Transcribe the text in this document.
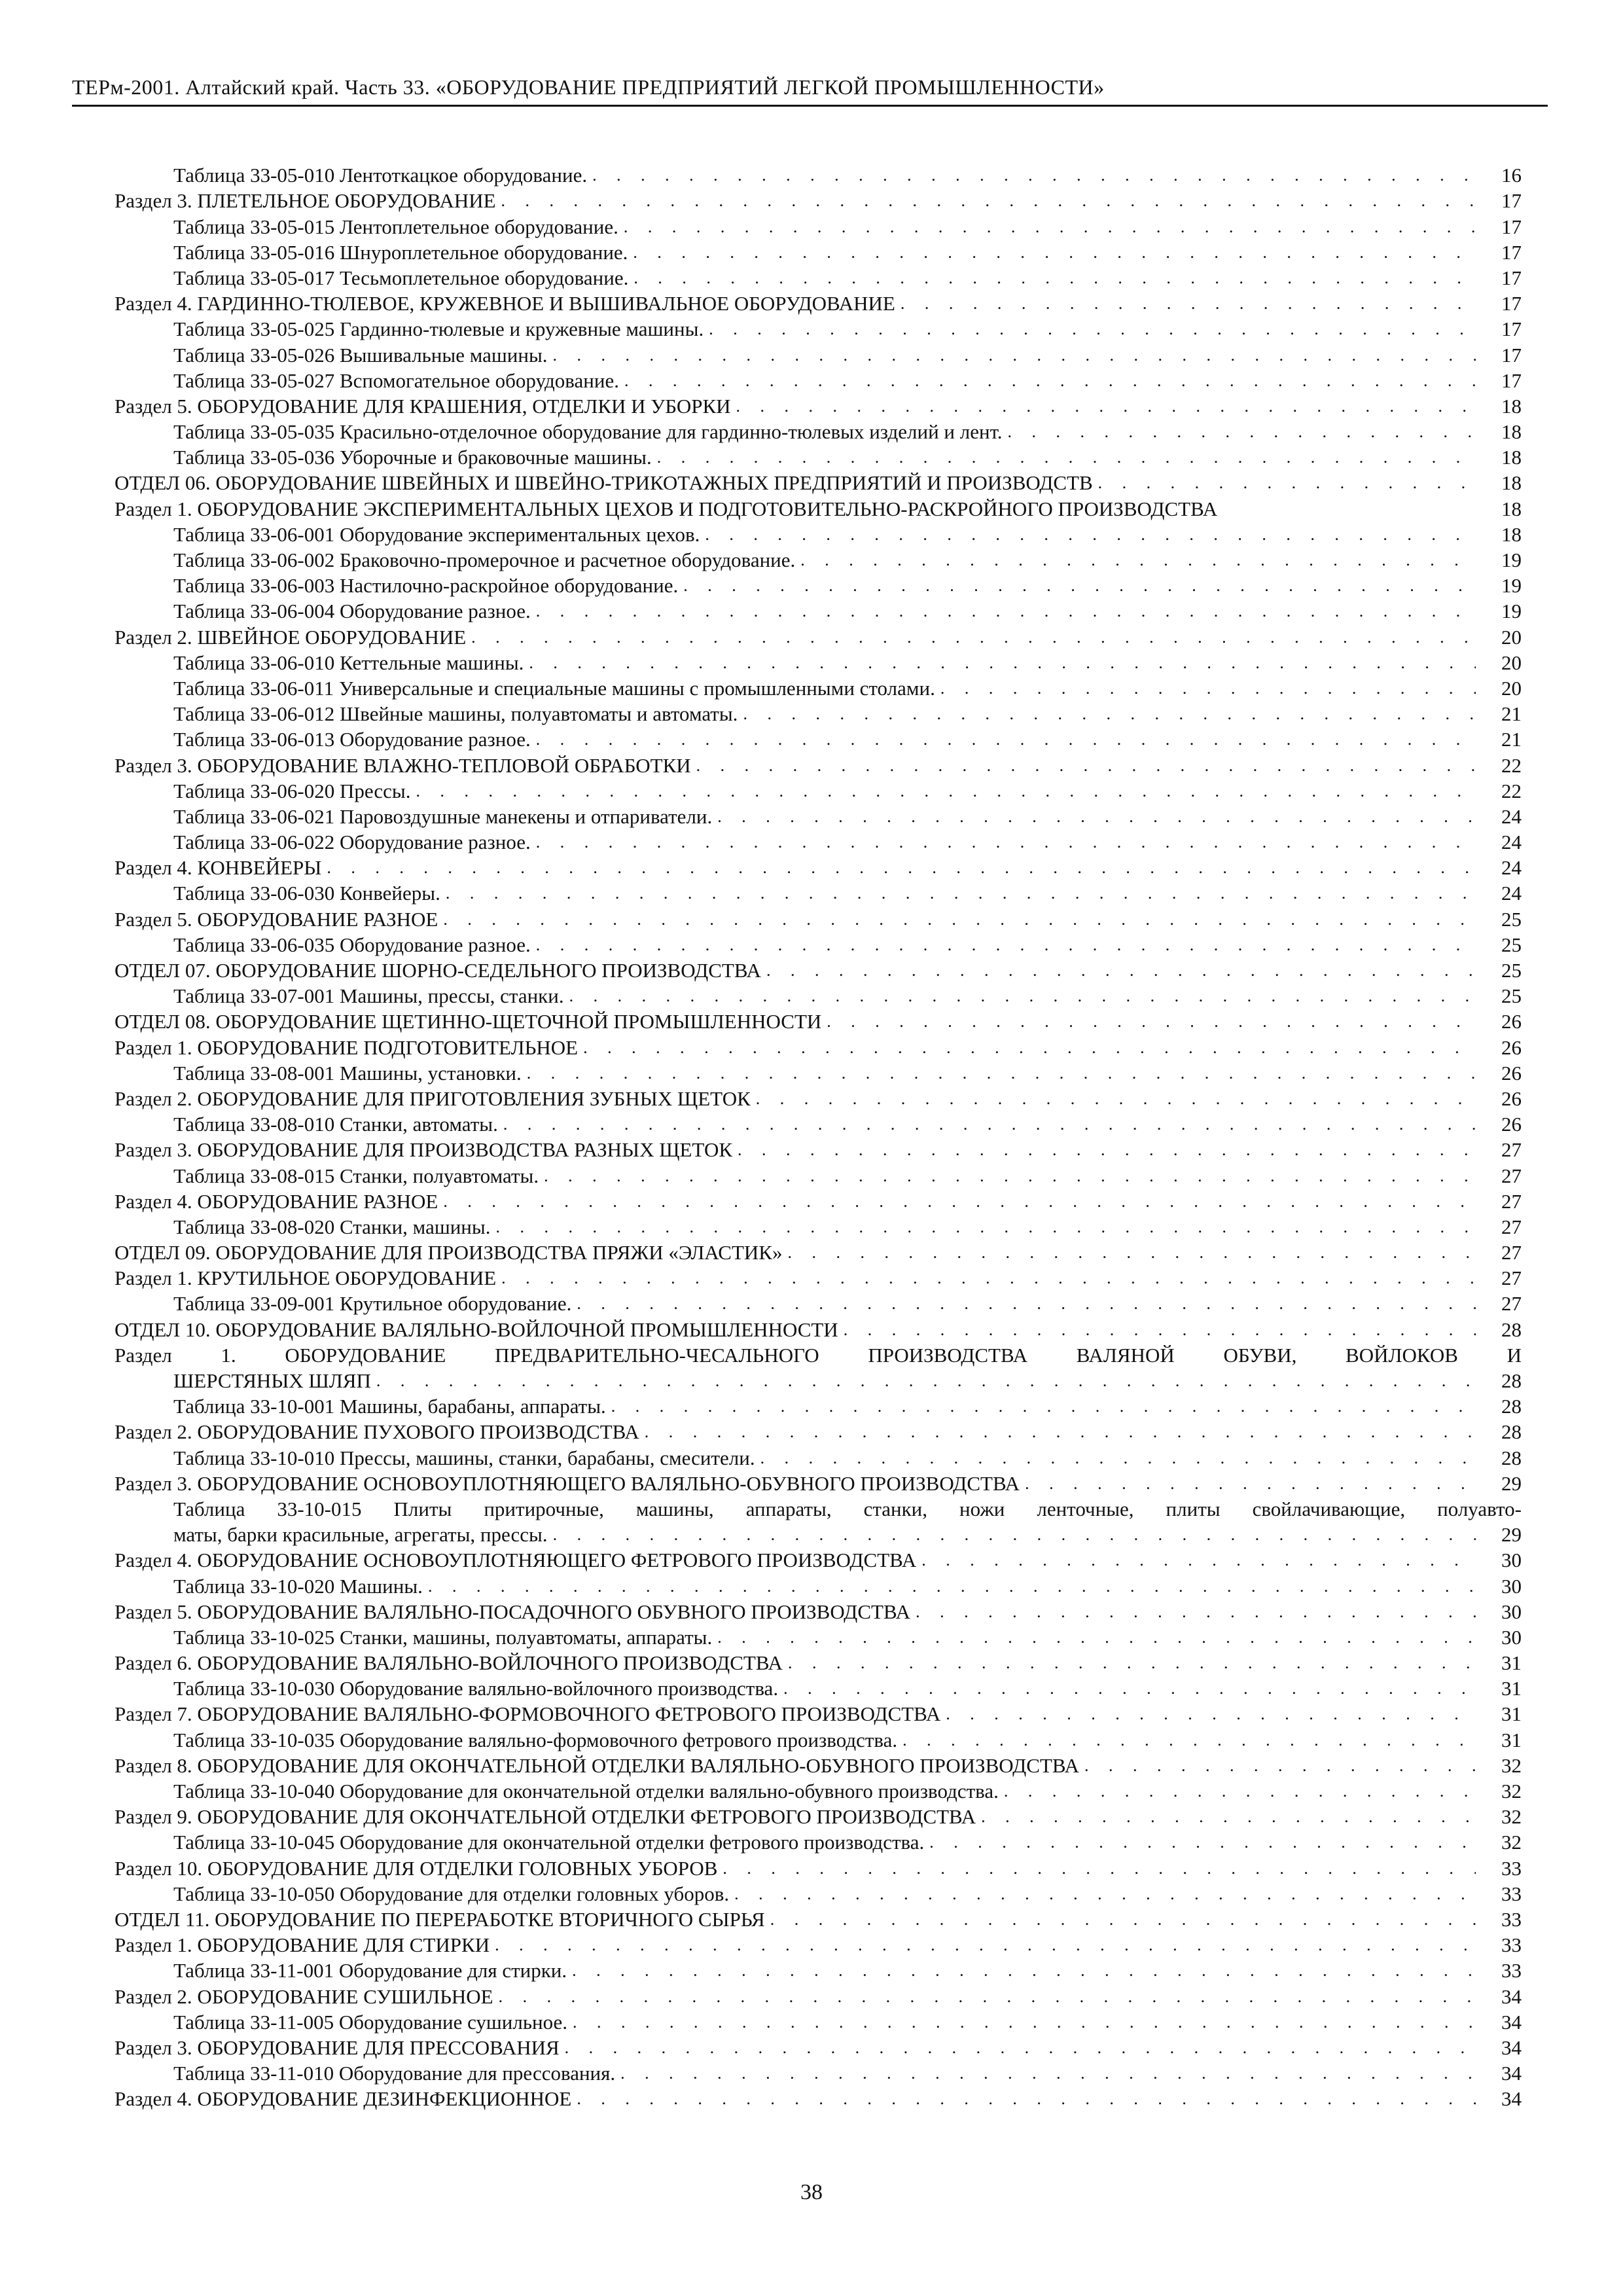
ТЕРм-2001. Алтайский край. Часть 33. «ОБОРУДОВАНИЕ ПРЕДПРИЯТИЙ ЛЕГКОЙ ПРОМЫШЛЕННОСТИ»
Таблица 33-05-010 Лентоткацкое оборудование. . . .	16
Раздел 3. ПЛЕТЕЛЬНОЕ ОБОРУДОВАНИЕ . . .	17
Таблица 33-05-015 Лентоплетельное оборудование. . . .	17
Таблица 33-05-016 Шнуроплетельное оборудование. . . .	17
Таблица 33-05-017 Тесьмоплетельное оборудование. . . .	17
Раздел 4. ГАРДИННО-ТЮЛЕВОЕ, КРУЖЕВНОЕ И ВЫШИВАЛЬНОЕ ОБОРУДОВАНИЕ . . .	17
Таблица 33-05-025 Гардинно-тюлевые и кружевные машины. . . .	17
Таблица 33-05-026 Вышивальные машины. . . .	17
Таблица 33-05-027 Вспомогательное оборудование. . . .	17
Раздел 5. ОБОРУДОВАНИЕ ДЛЯ КРАШЕНИЯ, ОТДЕЛКИ И УБОРКИ . . .	18
Таблица 33-05-035 Красильно-отделочное оборудование для гардинно-тюлевых изделий и лент. . . .	18
Таблица 33-05-036 Уборочные и браковочные машины. . . .	18
ОТДЕЛ 06. ОБОРУДОВАНИЕ ШВЕЙНЫХ И ШВЕЙНО-ТРИКОТАЖНЫХ ПРЕДПРИЯТИЙ И ПРОИЗВОДСТВ . . .	18
Раздел 1. ОБОРУДОВАНИЕ ЭКСПЕРИМЕНТАЛЬНЫХ ЦЕХОВ И ПОДГОТОВИТЕЛЬНО-РАСКРОЙНОГО ПРОИЗВОДСТВА	18
Таблица 33-06-001 Оборудование экспериментальных цехов. . . .	18
Таблица 33-06-002 Браковочно-промерочное и расчетное оборудование. . . .	19
Таблица 33-06-003 Настилочно-раскройное оборудование. . . .	19
Таблица 33-06-004 Оборудование разное. . . .	19
Раздел 2. ШВЕЙНОЕ ОБОРУДОВАНИЕ . . .	20
Таблица 33-06-010 Кеттельные машины. . . .	20
Таблица 33-06-011 Универсальные и специальные машины с промышленными столами. . . .	20
Таблица 33-06-012 Швейные машины, полуавтоматы и автоматы. . . .	21
Таблица 33-06-013 Оборудование разное. . . .	21
Раздел 3. ОБОРУДОВАНИЕ ВЛАЖНО-ТЕПЛОВОЙ ОБРАБОТКИ . . .	22
Таблица 33-06-020 Прессы. . . .	22
Таблица 33-06-021 Паровоздушные манекены и отпариватели. . . .	24
Таблица 33-06-022 Оборудование разное. . . .	24
Раздел 4. КОНВЕЙЕРЫ . . .	24
Таблица 33-06-030 Конвейеры. . . .	24
Раздел 5. ОБОРУДОВАНИЕ РАЗНОЕ . . .	25
Таблица 33-06-035 Оборудование разное. . . .	25
ОТДЕЛ 07. ОБОРУДОВАНИЕ ШОРНО-СЕДЕЛЬНОГО ПРОИЗВОДСТВА . . .	25
Таблица 33-07-001 Машины, прессы, станки. . . .	25
ОТДЕЛ 08. ОБОРУДОВАНИЕ ЩЕТИННО-ЩЕТОЧНОЙ ПРОМЫШЛЕННОСТИ . . .	26
Раздел 1. ОБОРУДОВАНИЕ ПОДГОТОВИТЕЛЬНОЕ . . .	26
Таблица 33-08-001 Машины, установки. . . .	26
Раздел 2. ОБОРУДОВАНИЕ ДЛЯ ПРИГОТОВЛЕНИЯ ЗУБНЫХ ЩЕТОК . . .	26
Таблица 33-08-010 Станки, автоматы. . . .	26
Раздел 3. ОБОРУДОВАНИЕ ДЛЯ ПРОИЗВОДСТВА РАЗНЫХ ЩЕТОК . . .	27
Таблица 33-08-015 Станки, полуавтоматы. . . .	27
Раздел 4. ОБОРУДОВАНИЕ РАЗНОЕ . . .	27
Таблица 33-08-020 Станки, машины. . . .	27
ОТДЕЛ 09. ОБОРУДОВАНИЕ ДЛЯ ПРОИЗВОДСТВА ПРЯЖИ «ЭЛАСТИК» . . .	27
Раздел 1. КРУТИЛЬНОЕ ОБОРУДОВАНИЕ . . .	27
Таблица 33-09-001 Крутильное оборудование. . . .	27
ОТДЕЛ 10. ОБОРУДОВАНИЕ ВАЛЯЛЬНО-ВОЙЛОЧНОЙ ПРОМЫШЛЕННОСТИ . . .	28
Раздел 1. ОБОРУДОВАНИЕ ПРЕДВАРИТЕЛЬНО-ЧЕСАЛЬНОГО ПРОИЗВОДСТВА ВАЛЯНОЙ ОБУВИ, ВОЙЛОКОВ И
ШЕРСТЯНЫХ ШЛЯП . . .	28
Таблица 33-10-001 Машины, барабаны, аппараты. . . .	28
Раздел 2. ОБОРУДОВАНИЕ ПУХОВОГО ПРОИЗВОДСТВА . . .	28
Таблица 33-10-010 Прессы, машины, станки, барабаны, смесители. . . .	28
Раздел 3. ОБОРУДОВАНИЕ ОСНОВОУПЛОТНЯЮЩЕГО ВАЛЯЛЬНО-ОБУВНОГО ПРОИЗВОДСТВА . . .	29
Таблица 33-10-015 Плиты притирочные, машины, аппараты, станки, ножи ленточные, плиты свойлачивающие, полуавто-
маты, барки красильные, агрегаты, прессы. . . .	29
Раздел 4. ОБОРУДОВАНИЕ ОСНОВОУПЛОТНЯЮЩЕГО ФЕТРОВОГО ПРОИЗВОДСТВА . . .	30
Таблица 33-10-020 Машины. . . .	30
Раздел 5. ОБОРУДОВАНИЕ ВАЛЯЛЬНО-ПОСАДОЧНОГО ОБУВНОГО ПРОИЗВОДСТВА . . .	30
Таблица 33-10-025 Станки, машины, полуавтоматы, аппараты. . . .	30
Раздел 6. ОБОРУДОВАНИЕ ВАЛЯЛЬНО-ВОЙЛОЧНОГО ПРОИЗВОДСТВА . . .	31
Таблица 33-10-030 Оборудование валяльно-войлочного производства. . . .	31
Раздел 7. ОБОРУДОВАНИЕ ВАЛЯЛЬНО-ФОРМОВОЧНОГО ФЕТРОВОГО ПРОИЗВОДСТВА . . .	31
Таблица 33-10-035 Оборудование валяльно-формовочного фетрового производства. . . .	31
Раздел 8. ОБОРУДОВАНИЕ ДЛЯ ОКОНЧАТЕЛЬНОЙ ОТДЕЛКИ ВАЛЯЛЬНО-ОБУВНОГО ПРОИЗВОДСТВА . . .	32
Таблица 33-10-040 Оборудование для окончательной отделки валяльно-обувного производства. . . .	32
Раздел 9. ОБОРУДОВАНИЕ ДЛЯ ОКОНЧАТЕЛЬНОЙ ОТДЕЛКИ ФЕТРОВОГО ПРОИЗВОДСТВА . . .	32
Таблица 33-10-045 Оборудование для окончательной отделки фетрового производства. . . .	32
Раздел 10. ОБОРУДОВАНИЕ ДЛЯ ОТДЕЛКИ ГОЛОВНЫХ УБОРОВ . . .	33
Таблица 33-10-050 Оборудование для отделки головных уборов. . . .	33
ОТДЕЛ 11. ОБОРУДОВАНИЕ ПО ПЕРЕРАБОТКЕ ВТОРИЧНОГО СЫРЬЯ . . .	33
Раздел 1. ОБОРУДОВАНИЕ ДЛЯ СТИРКИ . . .	33
Таблица 33-11-001 Оборудование для стирки. . . .	33
Раздел 2. ОБОРУДОВАНИЕ СУШИЛЬНОЕ . . .	34
Таблица 33-11-005 Оборудование сушильное. . . .	34
Раздел 3. ОБОРУДОВАНИЕ ДЛЯ ПРЕССОВАНИЯ . . .	34
Таблица 33-11-010 Оборудование для прессования. . . .	34
Раздел 4. ОБОРУДОВАНИЕ ДЕЗИНФЕКЦИОННОЕ . . .	34
38
